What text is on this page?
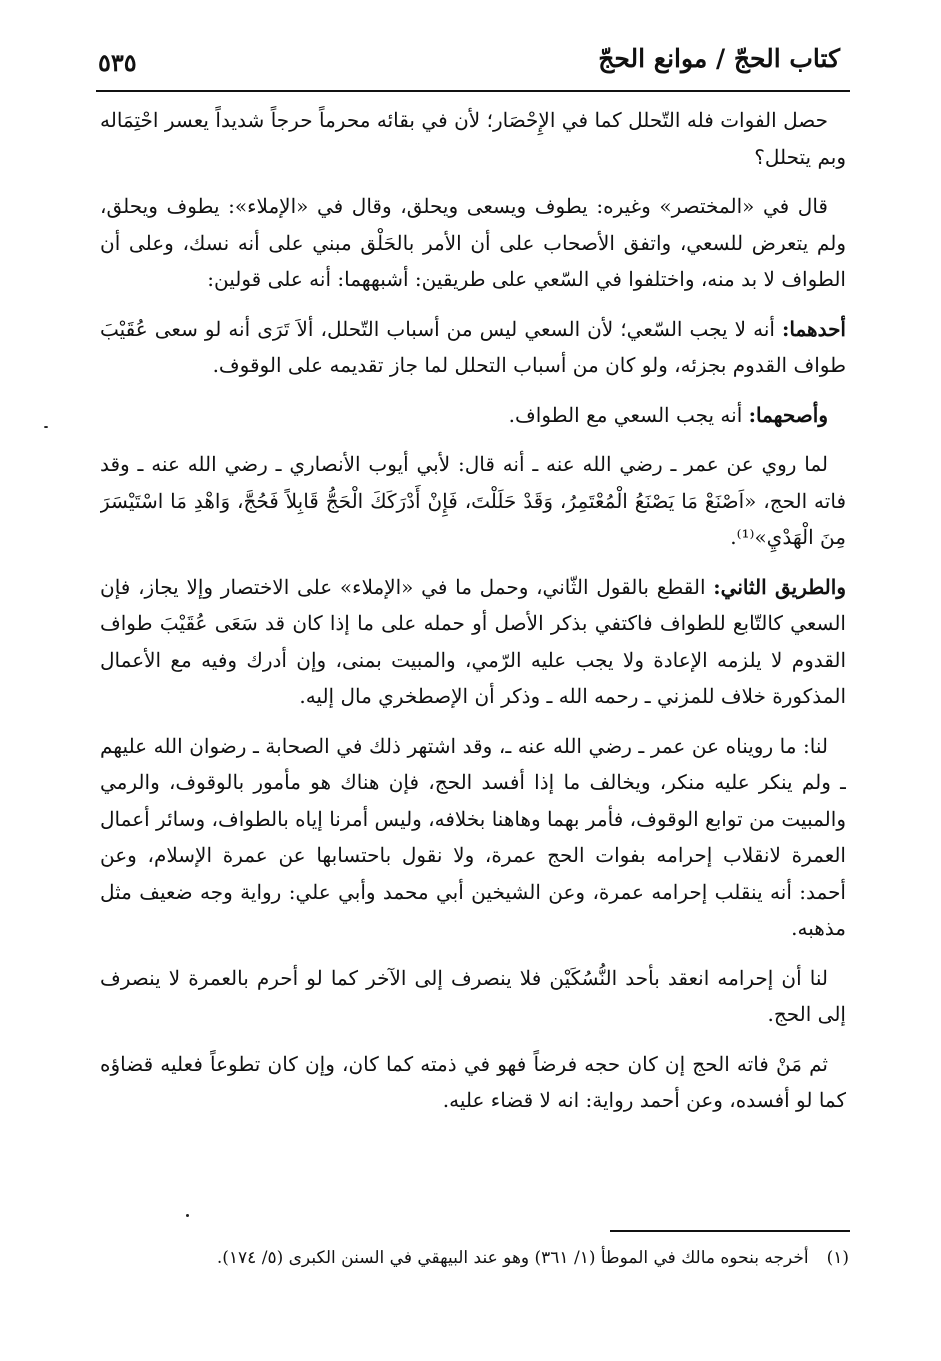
كتاب الحجّ / موانع الحجّ
٥٣٥

حصل الفوات فله التّحلل كما في الإِحْصَار؛ لأن في بقائه محرماً حرجاً شديداً يعسر احْتِمَاله وبم يتحلل؟

قال في «المختصر» وغيره: يطوف ويسعى ويحلق، وقال في «الإملاء»: يطوف ويحلق، ولم يتعرض للسعي، واتفق الأصحاب على أن الأمر بالحَلْق مبني على أنه نسك، وعلى أن الطواف لا بد منه، واختلفوا في السّعي على طريقين: أشبههما: أنه على قولين:

أحدهما: أنه لا يجب السّعي؛ لأن السعي ليس من أسباب التّحلل، ألاَ تَرَى أنه لو سعى عُقَيْبَ طواف القدوم بجزئه، ولو كان من أسباب التحلل لما جاز تقديمه على الوقوف.

وأصحهما: أنه يجب السعي مع الطواف.

لما روي عن عمر ـ رضي الله عنه ـ أنه قال: لأبي أيوب الأنصاري ـ رضي الله عنه ـ وقد فاته الحج، «اَصْنَعْ مَا يَصْنَعُ الْمُعْتَمِرُ، وَقَدْ حَلَلْتَ، فَإِنْ أَدْرَكَكَ الْحَجُّ قَابِلاً فَحُجَّ، وَاهْدِ مَا اسْتَيْسَرَ مِنَ الْهَدْيِ»⁽¹⁾.

والطريق الثاني: القطع بالقول الثّاني، وحمل ما في «الإملاء» على الاختصار وإلا يجاز، فإن السعي كالتّابع للطواف فاكتفي بذكر الأصل أو حمله على ما إذا كان قد سَعَى عُقَيْبَ طواف القدوم لا يلزمه الإعادة ولا يجب عليه الرّمي، والمبيت بمنى، وإن أدرك وفيه مع الأعمال المذكورة خلاف للمزني ـ رحمه الله ـ وذكر أن الإصطخري مال إليه.

لنا: ما رويناه عن عمر ـ رضي الله عنه ـ، وقد اشتهر ذلك في الصحابة ـ رضوان الله عليهم ـ ولم ينكر عليه منكر، ويخالف ما إذا أفسد الحج، فإن هناك هو مأمور بالوقوف، والرمي والمبيت من توابع الوقوف، فأمر بهما وهاهنا بخلافه، وليس أمرنا إياه بالطواف، وسائر أعمال العمرة لانقلاب إحرامه بفوات الحج عمرة، ولا نقول باحتسابها عن عمرة الإسلام، وعن أحمد: أنه ينقلب إحرامه عمرة، وعن الشيخين أبي محمد وأبي علي: رواية وجه ضعيف مثل مذهبه.

لنا أن إحرامه انعقد بأحد النُّسُكَيْن فلا ينصرف إلى الآخر كما لو أحرم بالعمرة لا ينصرف إلى الحج.

ثم مَنْ فاته الحج إن كان حجه فرضاً فهو في ذمته كما كان، وإن كان تطوعاً فعليه قضاؤه كما لو أفسده، وعن أحمد رواية: انه لا قضاء عليه.

(١)أخرجه بنحوه مالك في الموطأ (١/ ٣٦١) وهو عند البيهقي في السنن الكبرى (٥/ ١٧٤).
